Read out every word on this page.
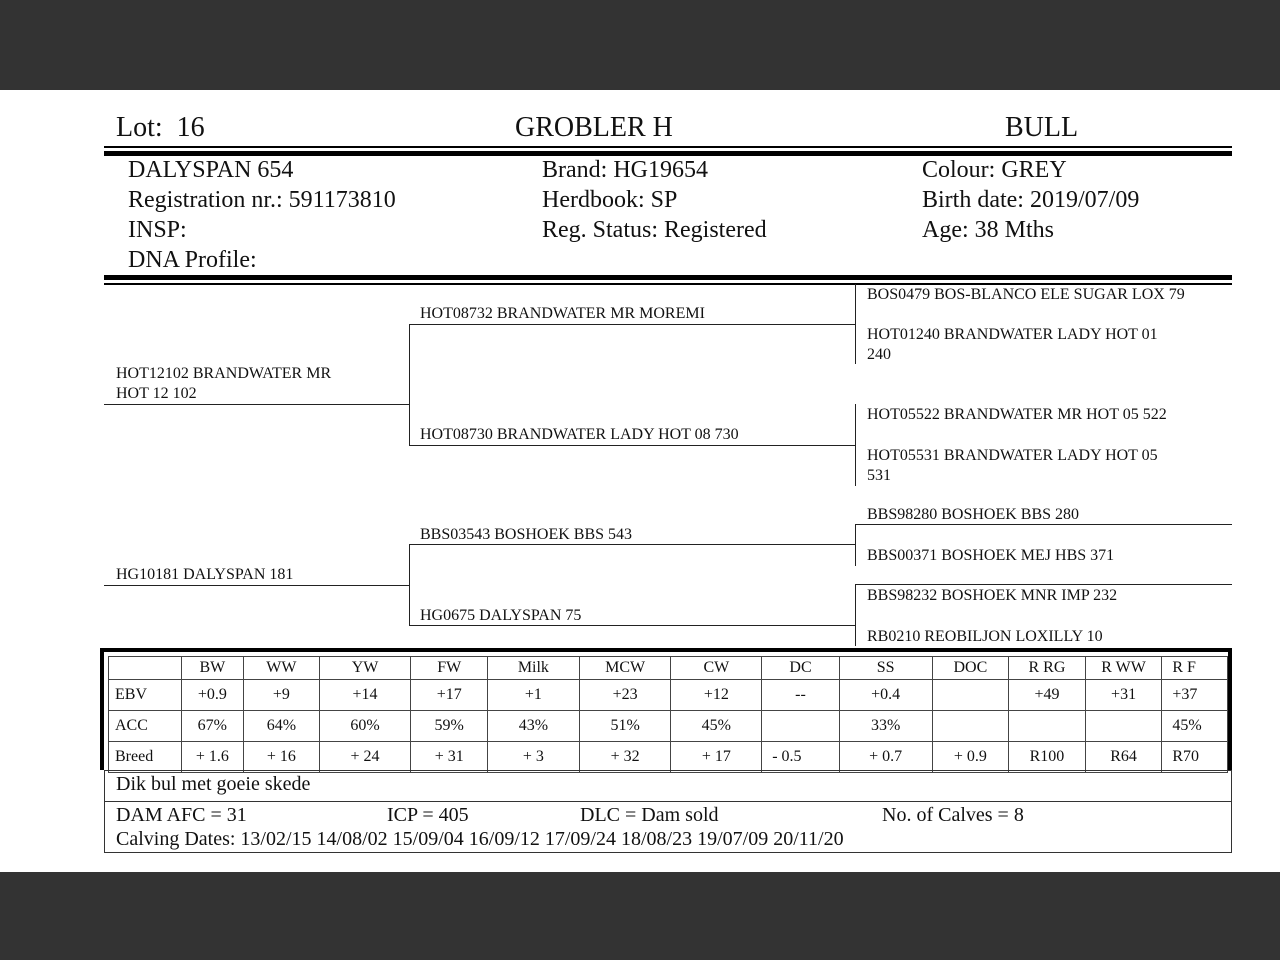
Lot: 16	GROBLER H	BULL
DALYSPAN 654
Registration nr.: 591173810
INSP:
DNA Profile:
Brand: HG19654
Herdbook: SP
Reg. Status: Registered
Colour: GREY
Birth date: 2019/07/09
Age: 38 Mths
HOT12102 BRANDWATER MR
HOT 12 102
HG10181 DALYSPAN 181
HOT08732 BRANDWATER MR MOREMI
HOT08730 BRANDWATER LADY HOT 08 730
BBS03543 BOSHOEK BBS 543
HG0675 DALYSPAN 75
BOS0479 BOS-BLANCO ELE SUGAR LOX 79
HOT01240 BRANDWATER LADY HOT 01
240
HOT05522 BRANDWATER MR HOT 05 522
HOT05531 BRANDWATER LADY HOT 05
531
BBS98280 BOSHOEK BBS 280
BBS00371 BOSHOEK MEJ HBS 371
BBS98232 BOSHOEK MNR IMP 232
RB0210 REOBILJON LOXILLY 10
	BW	WW	YW	FW	Milk	MCW	CW	DC	SS	DOC	R RG	R WW	R F
EBV	+0.9	+9	+14	+17	+1	+23	+12	--	+0.4		+49	+31	+37
ACC	67%	64%	60%	59%	43%	51%	45%		33%				45%
Breed	+ 1.6	+ 16	+ 24	+ 31	+ 3	+ 32	+ 17	- 0.5	+ 0.7	+ 0.9	R100	R64	R70
Dik bul met goeie skede
DAM AFC = 31	ICP = 405	DLC = Dam sold	No. of Calves = 8
Calving Dates: 13/02/15 14/08/02 15/09/04 16/09/12 17/09/24 18/08/23 19/07/09 20/11/20
